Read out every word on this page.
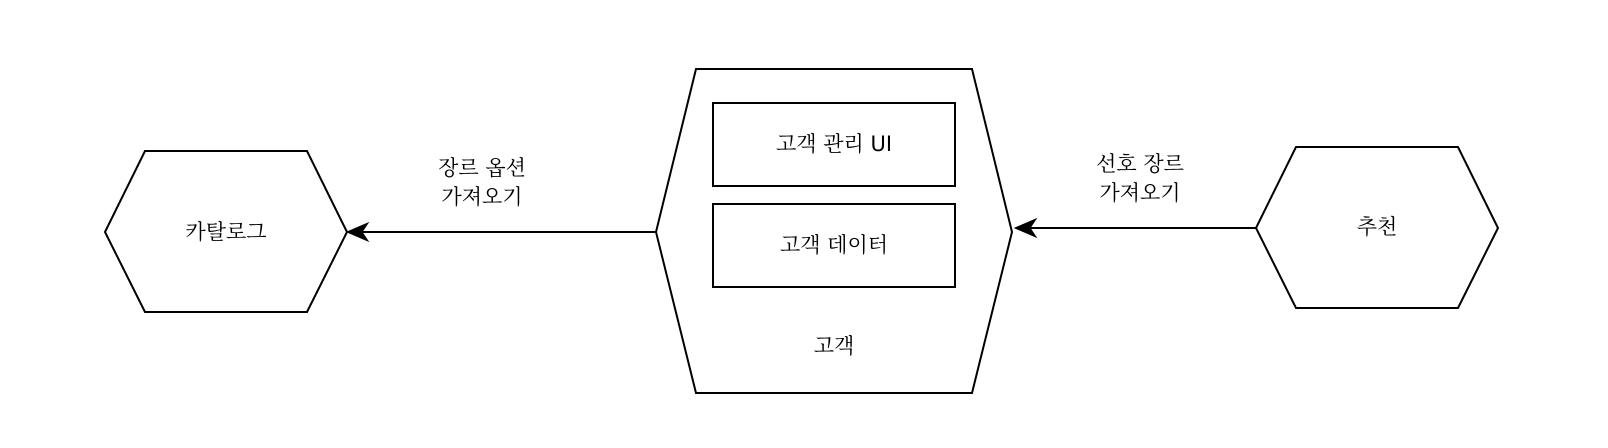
카탈로그
고객 관리 UI
고객 데이터
고객
추천
장르 옵션
가져오기
선호 장르
가져오기
